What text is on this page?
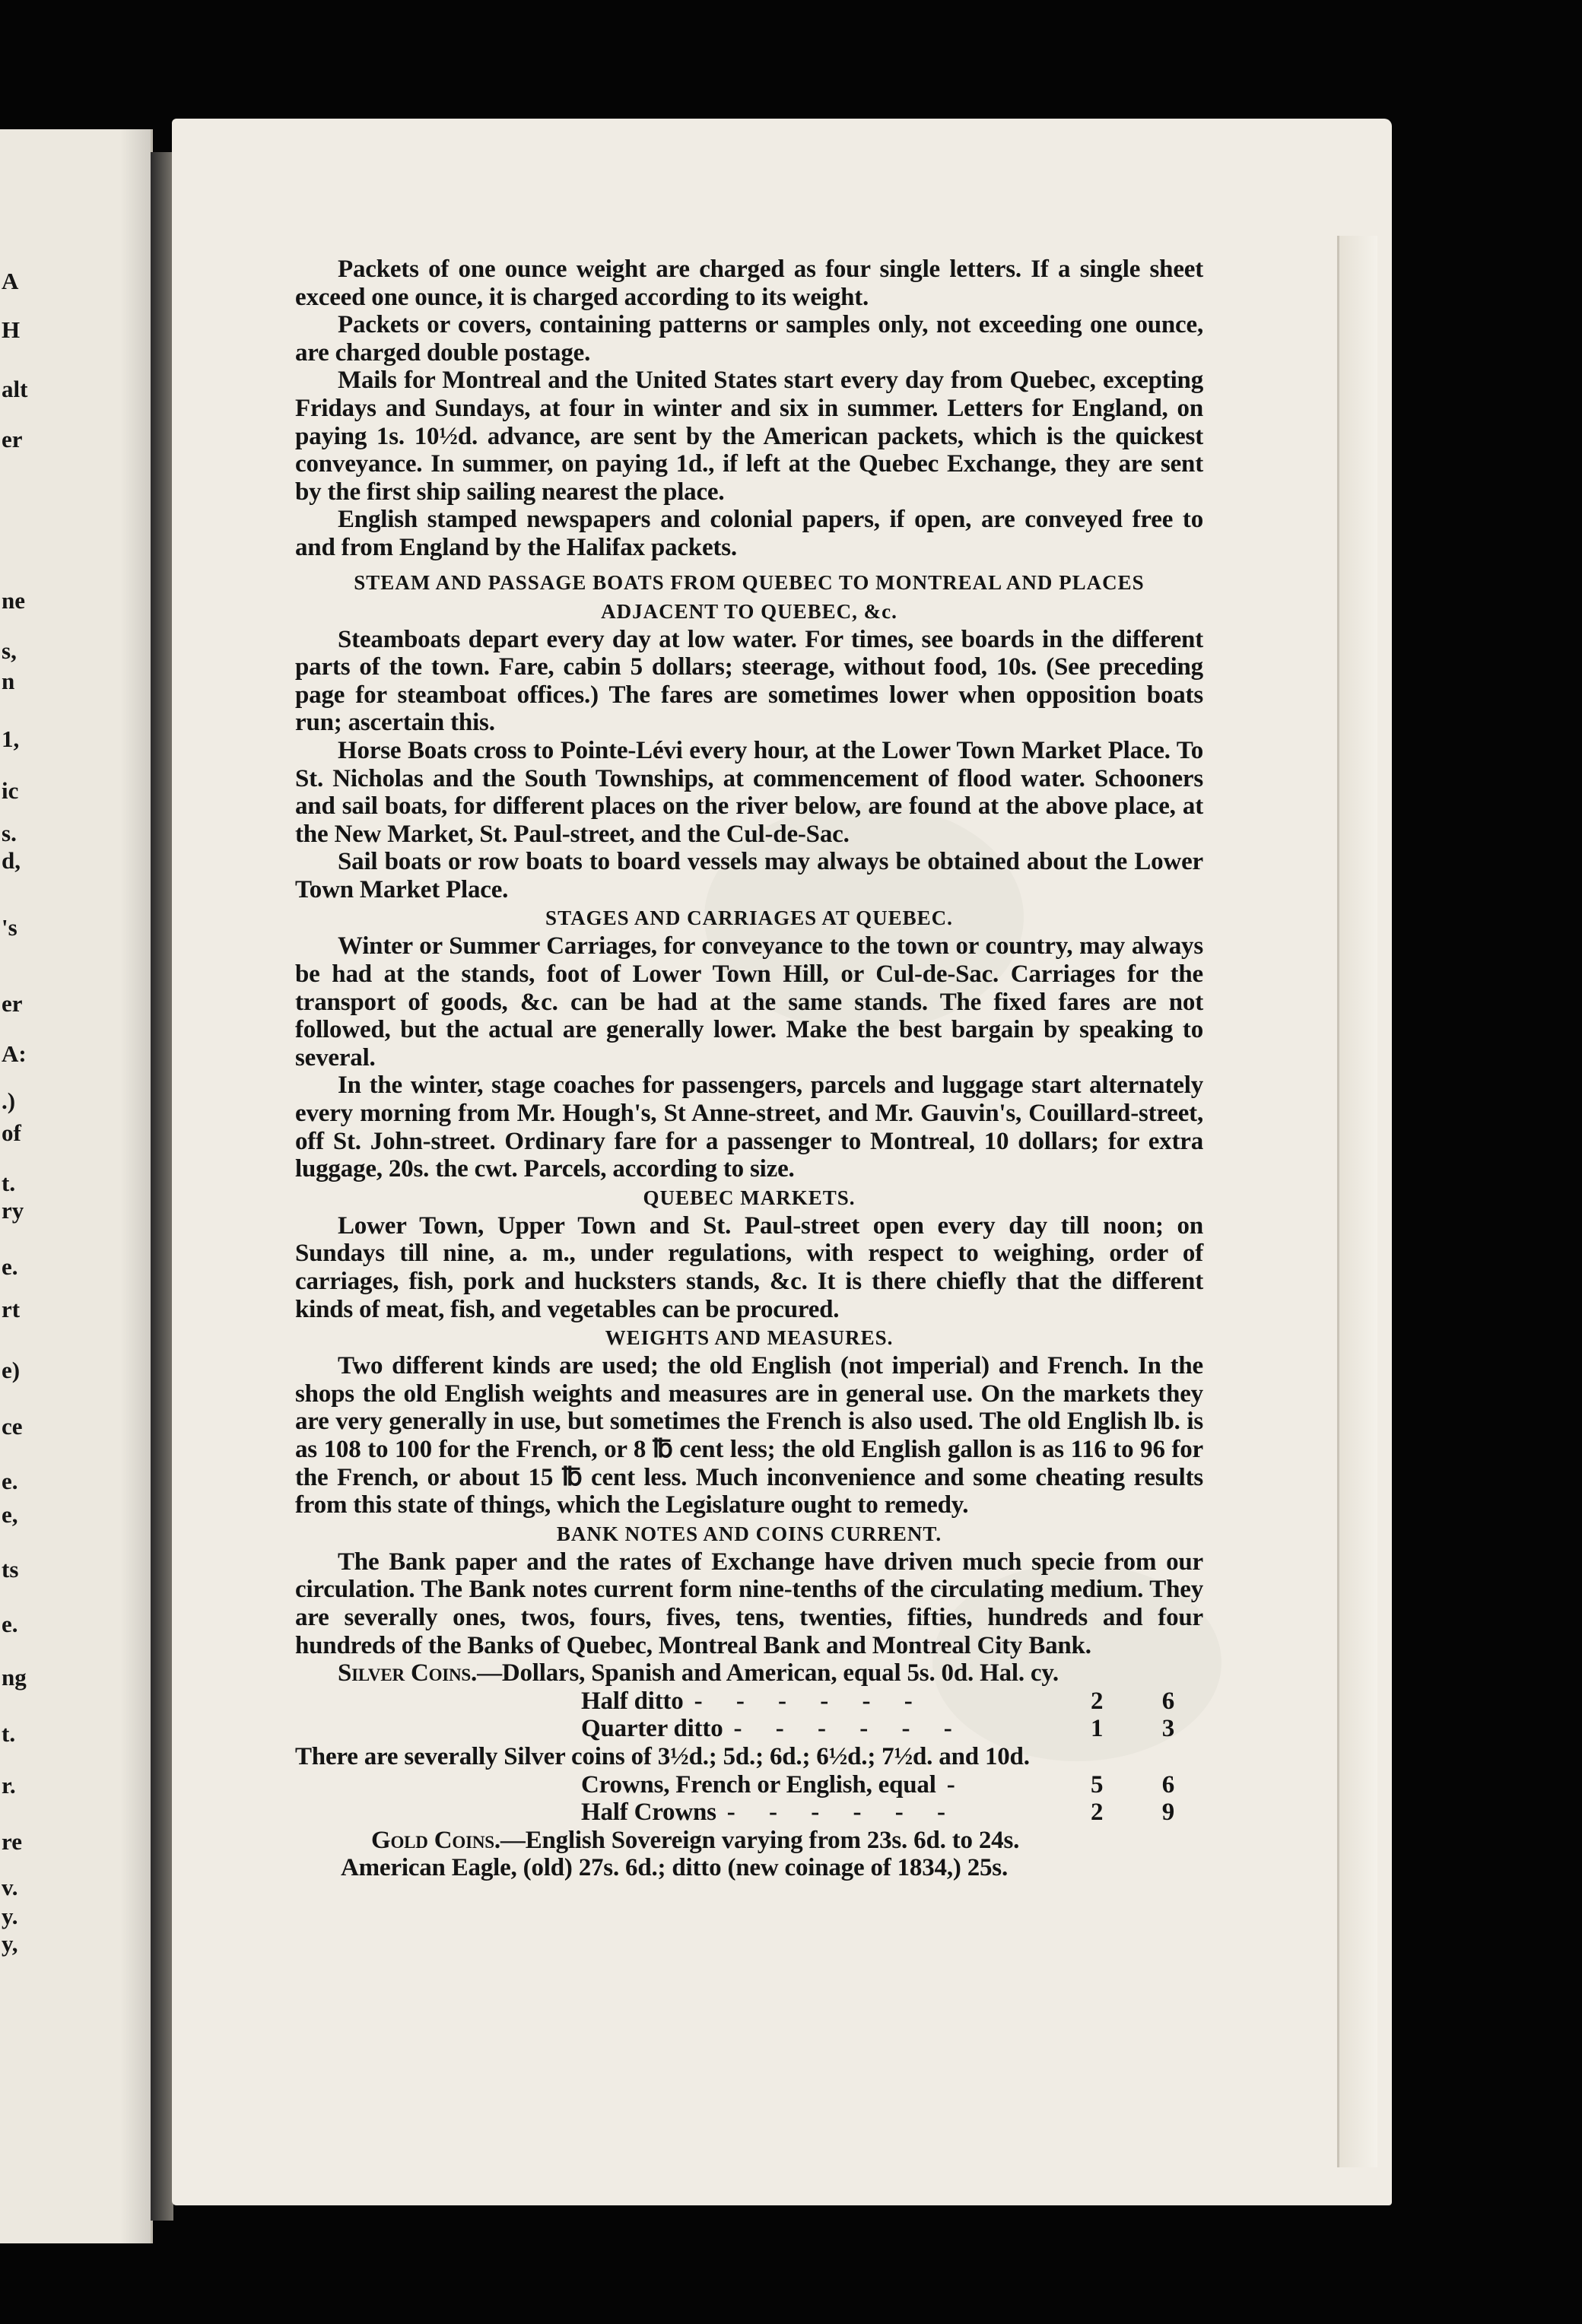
A
H
alt
er
ne
s,
n
1,
ic
s.
d,
's
er
A:
.)
of
t.
ry
e.
rt
e)
ce
e.
e,
ts
e.
ng
t.
r.
re
v.
y.
y,

Packets of one ounce weight are charged as four single letters. If a single sheet exceed one ounce, it is charged according to its weight.

Packets or covers, containing patterns or samples only, not exceeding one ounce, are charged double postage.

Mails for Montreal and the United States start every day from Quebec, excepting Fridays and Sundays, at four in winter and six in summer. Letters for England, on paying 1s. 10½d. advance, are sent by the American packets, which is the quickest conveyance. In summer, on paying 1d., if left at the Quebec Exchange, they are sent by the first ship sailing nearest the place.

English stamped newspapers and colonial papers, if open, are conveyed free to and from England by the Halifax packets.

STEAM AND PASSAGE BOATS FROM QUEBEC TO MONTREAL AND PLACES ADJACENT TO QUEBEC, &c.

Steamboats depart every day at low water. For times, see boards in the different parts of the town. Fare, cabin 5 dollars; steerage, without food, 10s. (See preceding page for steamboat offices.) The fares are sometimes lower when opposition boats run; ascertain this.

Horse Boats cross to Pointe-Lévi every hour, at the Lower Town Market Place. To St. Nicholas and the South Townships, at commencement of flood water. Schooners and sail boats, for different places on the river below, are found at the above place, at the New Market, St. Paul-street, and the Cul-de-Sac.

Sail boats or row boats to board vessels may always be obtained about the Lower Town Market Place.

STAGES AND CARRIAGES AT QUEBEC.

Winter or Summer Carriages, for conveyance to the town or country, may always be had at the stands, foot of Lower Town Hill, or Cul-de-Sac. Carriages for the transport of goods, &c. can be had at the same stands. The fixed fares are not followed, but the actual are generally lower. Make the best bargain by speaking to several.

In the winter, stage coaches for passengers, parcels and luggage start alternately every morning from Mr. Hough's, St Anne-street, and Mr. Gauvin's, Couillard-street, off St. John-street. Ordinary fare for a passenger to Montreal, 10 dollars; for extra luggage, 20s. the cwt. Parcels, according to size.

QUEBEC MARKETS.

Lower Town, Upper Town and St. Paul-street open every day till noon; on Sundays till nine, a. m., under regulations, with respect to weighing, order of carriages, fish, pork and hucksters stands, &c. It is there chiefly that the different kinds of meat, fish, and vegetables can be procured.

WEIGHTS AND MEASURES.

Two different kinds are used; the old English (not imperial) and French. In the shops the old English weights and measures are in general use. On the markets they are very generally in use, but sometimes the French is also used. The old English lb. is as 108 to 100 for the French, or 8 ℔ cent less; the old English gallon is as 116 to 96 for the French, or about 15 ℔ cent less. Much inconvenience and some cheating results from this state of things, which the Legislature ought to remedy.

BANK NOTES AND COINS CURRENT.

The Bank paper and the rates of Exchange have driven much specie from our circulation. The Bank notes current form nine-tenths of the circulating medium. They are severally ones, twos, fours, fives, tens, twenties, fifties, hundreds and four hundreds of the Banks of Quebec, Montreal Bank and Montreal City Bank.

Silver Coins.—Dollars, Spanish and American, equal 5s. 0d. Hal. cy.

Half ditto - - - - - -	2 6
Quarter ditto - - - - - -	1 3

There are severally Silver coins of 3½d.; 5d.; 6d.; 6½d.; 7½d. and 10d.

Crowns, French or English, equal -	5 6
Half Crowns - - - - - -	2 9

Gold Coins.—English Sovereign varying from 23s. 6d. to 24s.

American Eagle, (old) 27s. 6d.; ditto (new coinage of 1834,) 25s.
